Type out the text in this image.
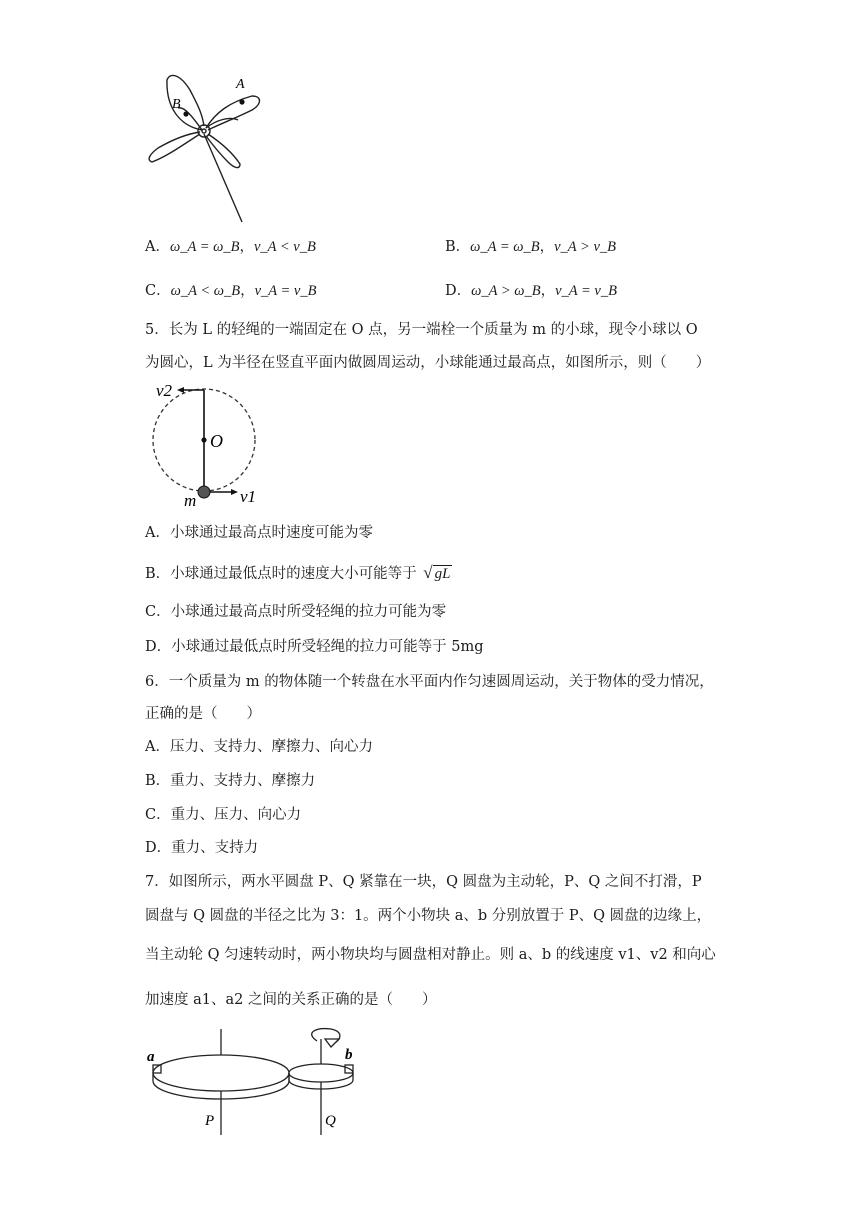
B
A
A．ω_A = ω_B，v_A < v_B	B．ω_A = ω_B，v_A > v_B
C．ω_A < ω_B，v_A = v_B	D．ω_A > ω_B，v_A = v_B
5．长为 L 的轻绳的一端固定在 O 点，另一端栓一个质量为 m 的小球，现令小球以 O
为圆心，L 为半径在竖直平面内做圆周运动，小球能通过最高点，如图所示，则（　　）
v2
O
m	v1
A．小球通过最高点时速度可能为零
B．小球通过最低点时的速度大小可能等于 √ gL
C．小球通过最高点时所受轻绳的拉力可能为零
D．小球通过最低点时所受轻绳的拉力可能等于 5mg
6．一个质量为 m 的物体随一个转盘在水平面内作匀速圆周运动，关于物体的受力情况，
正确的是（　　）
A．压力、支持力、摩擦力、向心力
B．重力、支持力、摩擦力
C．重力、压力、向心力
D．重力、支持力
7．如图所示，两水平圆盘 P、Q 紧靠在一块，Q 圆盘为主动轮，P、Q 之间不打滑，P
圆盘与 Q 圆盘的半径之比为 3：1。两个小物块 a、b 分别放置于 P、Q 圆盘的边缘上，
当主动轮 Q 匀速转动时，两小物块均与圆盘相对静止。则 a、b 的线速度 v1、v2 和向心
加速度 a1、a2 之间的关系正确的是（　　）
a	b
P	Q
